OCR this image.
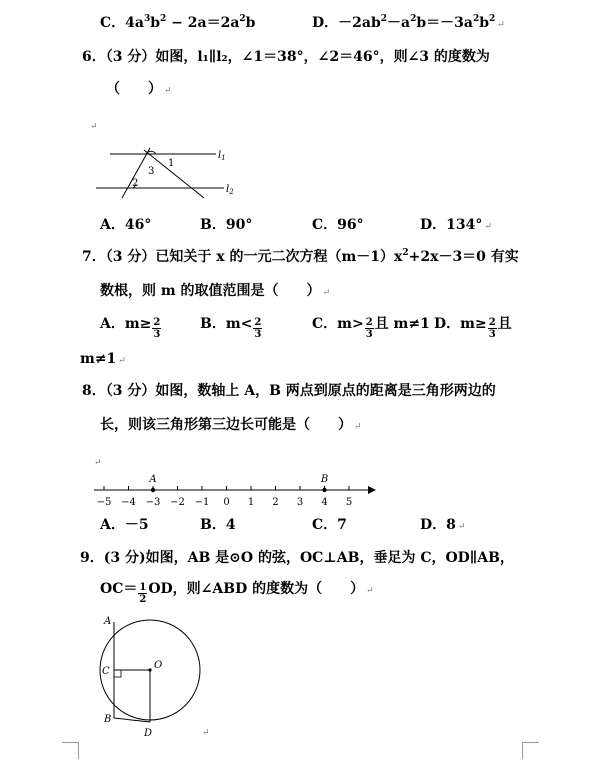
C．$4a^3b^2 - 2a=2a^2b$	D．$-2ab^2-a^2b=-3a^2b^2↵$
6．（3 分）如图，l₁∥l₂，∠1＝38°，∠2＝46°，则∠3 的度数为
（　　） ↵
↵
$l_1$
$l_2$
1
2
3
A．46°	B．90°	C．96°	D．134° ↵
7．（3 分）已知关于 x 的一元二次方程$(m-1)x^2+2x-3=0$ 有实
数根，则 m 的取值范围是（　　） ↵
A．$m\ge \frac{2}{3}$	B．$m< \frac{2}{3}$	C．$m> \frac{2}{3}$ 且 m≠1 D．$m\ge \frac{2}{3}$ 且
m≠1 ↵
8．（3 分）如图，数轴上 A，B 两点到原点的距离是三角形两边的
长，则该三角形第三边长可能是（　　） ↵
↵
−5 −4 −3 −2 −1 0 1 2 3 4 5
A	B
A．－5	B．4	C．7	D．8 ↵
9．(3 分)如图，AB 是⊙O 的弦，OC⊥AB，垂足为 C，OD∥AB，
$OC= \frac{1}{2}$ OD，则∠ABD 的度数为（　　） ↵
A
B
C
D
O
↵
